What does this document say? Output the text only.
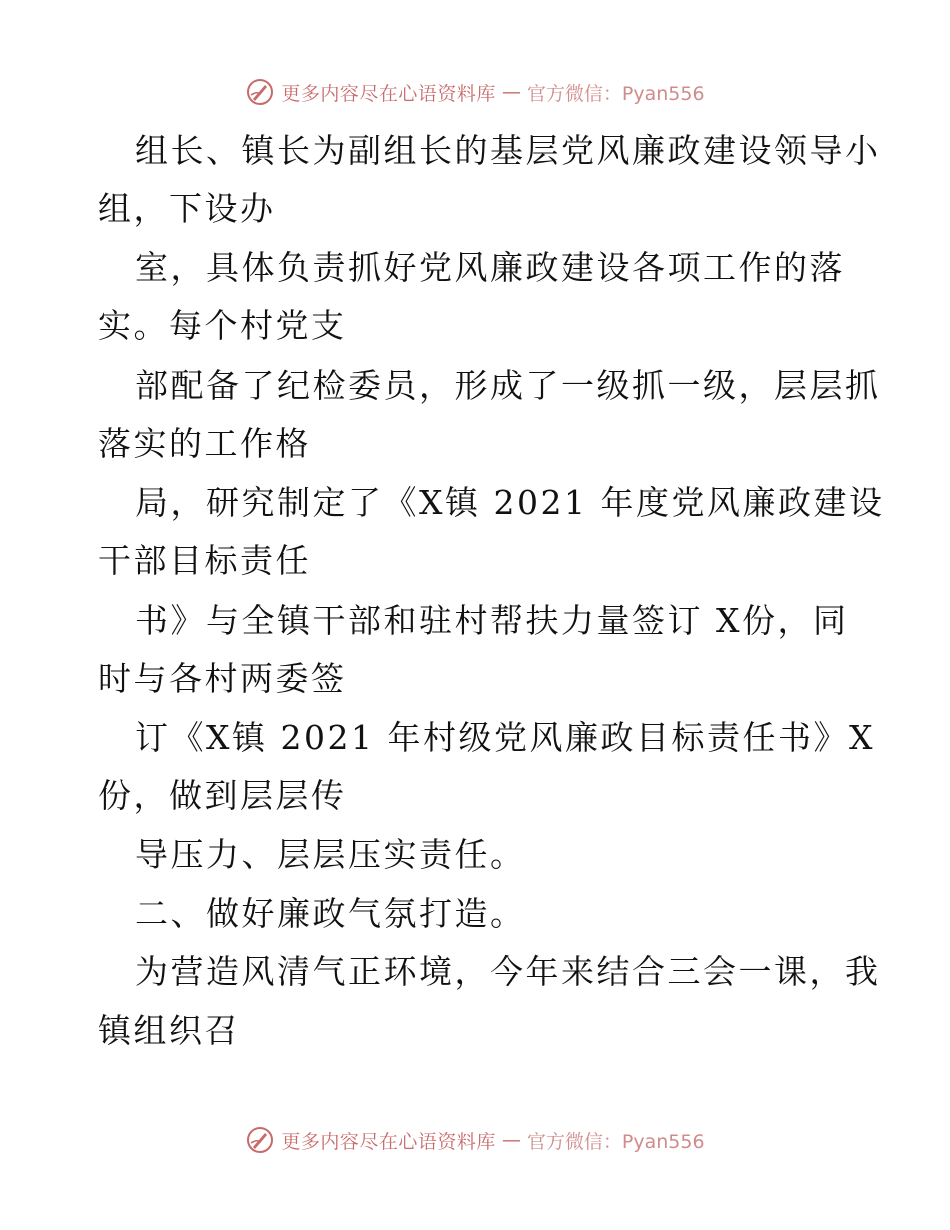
更多内容尽在心语资料库 — 官方微信：Pyan556
组长、镇长为副组长的基层党风廉政建设领导小
组，下设办
室，具体负责抓好党风廉政建设各项工作的落
实。每个村党支
部配备了纪检委员，形成了一级抓一级，层层抓
落实的工作格
局，研究制定了《X镇 2021 年度党风廉政建设
干部目标责任
书》与全镇干部和驻村帮扶力量签订 X份，同
时与各村两委签
订《X镇 2021 年村级党风廉政目标责任书》X
份，做到层层传
导压力、层层压实责任。
二、做好廉政气氛打造。
为营造风清气正环境，今年来结合三会一课，我
镇组织召
更多内容尽在心语资料库 — 官方微信：Pyan556
